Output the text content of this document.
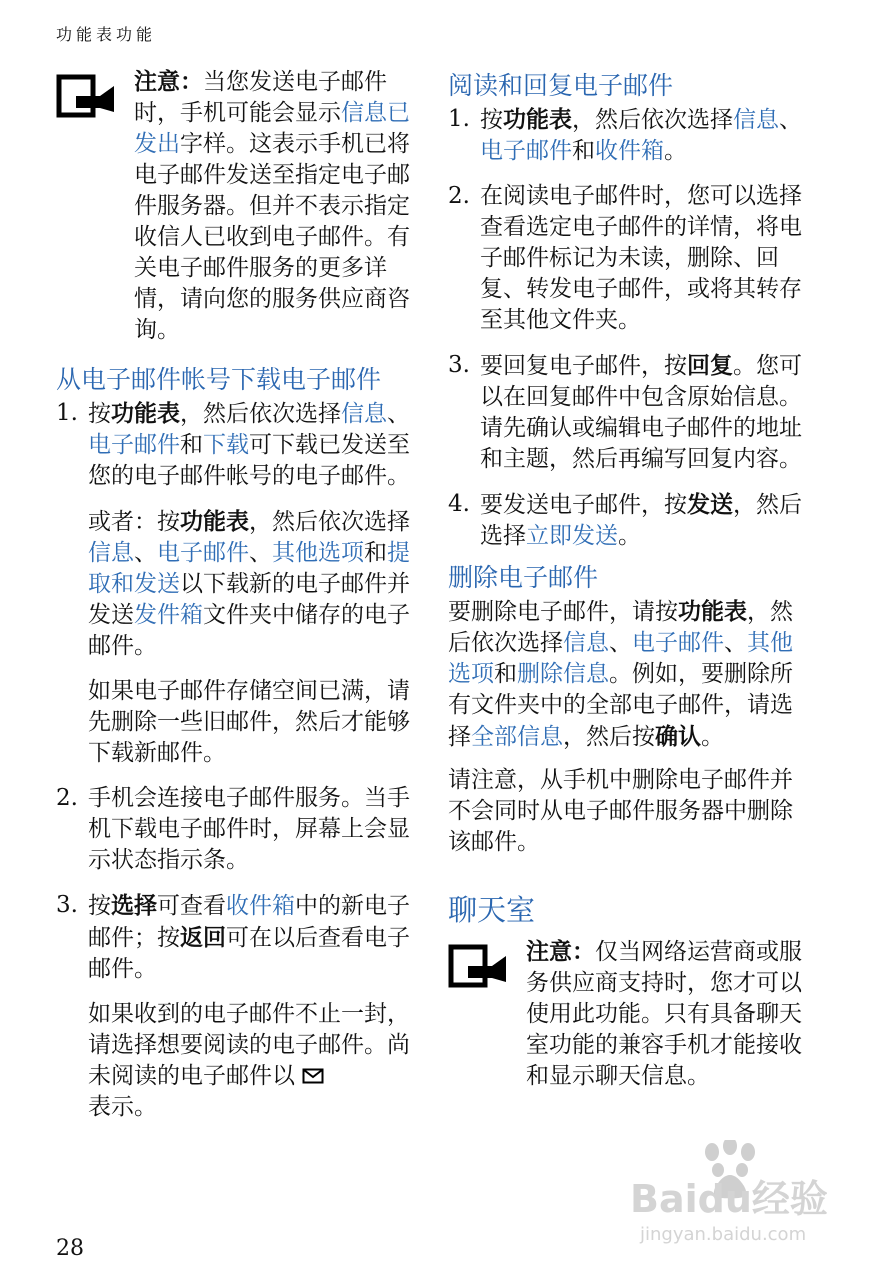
功能表功能

注意：当您发送电子邮件时，手机可能会显示信息已发出字样。这表示手机已将电子邮件发送至指定电子邮件服务器。但并不表示指定收信人已收到电子邮件。有关电子邮件服务的更多详情，请向您的服务供应商咨询。

从电子邮件帐号下载电子邮件
1. 按功能表，然后依次选择信息、电子邮件和下载可下载已发送至您的电子邮件帐号的电子邮件。

或者：按功能表，然后依次选择信息、电子邮件、其他选项和提取和发送以下载新的电子邮件并发送发件箱文件夹中储存的电子邮件。

如果电子邮件存储空间已满，请先删除一些旧邮件，然后才能够下载新邮件。

2. 手机会连接电子邮件服务。当手机下载电子邮件时，屏幕上会显示状态指示条。
3. 按选择可查看收件箱中的新电子邮件；按返回可在以后查看电子邮件。

如果收到的电子邮件不止一封，请选择想要阅读的电子邮件。尚未阅读的电子邮件以
表示。

阅读和回复电子邮件
1. 按功能表，然后依次选择信息、电子邮件和收件箱。
2. 在阅读电子邮件时，您可以选择查看选定电子邮件的详情，将电子邮件标记为未读，删除、回复、转发电子邮件，或将其转存至其他文件夹。
3. 要回复电子邮件，按回复。您可以在回复邮件中包含原始信息。请先确认或编辑电子邮件的地址和主题，然后再编写回复内容。
4. 要发送电子邮件，按发送，然后选择立即发送。
删除电子邮件

要删除电子邮件，请按功能表，然后依次选择信息、电子邮件、其他选项和删除信息。例如，要删除所有文件夹中的全部电子邮件，请选择全部信息，然后按确认。

请注意，从手机中删除电子邮件并不会同时从电子邮件服务器中删除该邮件。

聊天室

注意：仅当网络运营商或服务供应商支持时，您才可以使用此功能。只有具备聊天室功能的兼容手机才能接收和显示聊天信息。

28
Baidu经验
jingyan.baidu.com
